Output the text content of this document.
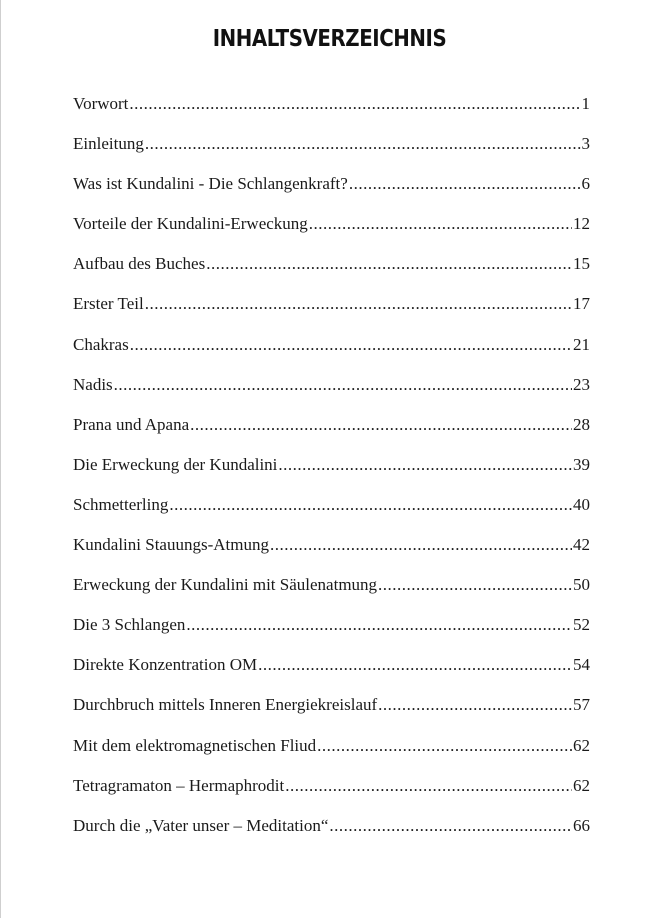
INHALTSVERZEICHNIS
Vorwort .....	1
Einleitung .....	3
Was ist Kundalini - Die Schlangenkraft? .....	6
Vorteile der Kundalini-Erweckung .....	12
Aufbau des Buches .....	15
Erster Teil .....	17
Chakras .....	21
Nadis .....	23
Prana und Apana .....	28
Die Erweckung der Kundalini .....	39
Schmetterling .....	40
Kundalini Stauungs-Atmung .....	42
Erweckung der Kundalini mit Säulenatmung .....	50
Die 3 Schlangen .....	52
Direkte Konzentration OM .....	54
Durchbruch mittels Inneren Energiekreislauf .....	57
Mit dem elektromagnetischen Fliud .....	62
Tetragramaton – Hermaphrodit .....	62
Durch die „Vater unser – Meditation“ .....	66
